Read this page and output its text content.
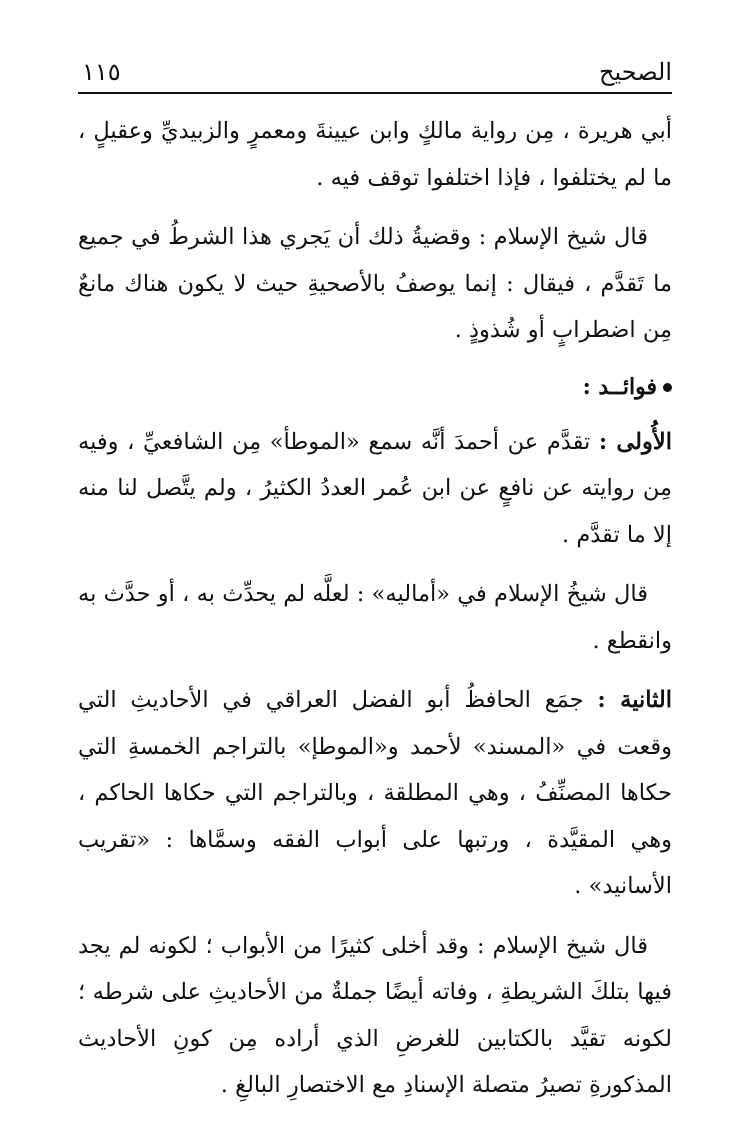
الصحيح
١١٥

أبي هريرة ، مِن رواية مالكٍ وابن عيينةَ ومعمرٍ والزبيديِّ وعقيلٍ ، ما لم يختلفوا ، فإذا اختلفوا توقف فيه .

قال شيخ الإسلام : وقضيةُ ذلك أن يَجري هذا الشرطُ في جميع ما تَقدَّم ، فيقال : إنما يوصفُ بالأصحيةِ حيث لا يكون هناك مانعٌ مِن اضطرابٍ أو شُذوذٍ .

فوائــد :

الأُولى : تقدَّم عن أحمدَ أنَّه سمع «الموطأ» مِن الشافعيِّ ، وفيه مِن روايته عن نافعٍ عن ابن عُمر العددُ الكثيرُ ، ولم يتَّصل لنا منه إلا ما تقدَّم .

قال شيخُ الإسلام في «أماليه» : لعلَّه لم يحدِّث به ، أو حدَّث به وانقطع .

الثانية : جمَع الحافظُ أبو الفضل العراقي في الأحاديثِ التي وقعت في «المسند» لأحمد و«الموطإ» بالتراجم الخمسةِ التي حكاها المصنِّفُ ، وهي المطلقة ، وبالتراجم التي حكاها الحاكم ، وهي المقيَّدة ، ورتبها على أبواب الفقه وسمَّاها : «تقريب الأسانيد» .

قال شيخ الإسلام : وقد أخلى كثيرًا من الأبواب ؛ لكونه لم يجد فيها بتلكَ الشريطةِ ، وفاته أيضًا جملةٌ من الأحاديثِ على شرطه ؛ لكونه تقيَّد بالكتابين للغرضِ الذي أراده مِن كونِ الأحاديث المذكورةِ تصيرُ متصلة الإسنادِ مع الاختصارِ البالغِ .
